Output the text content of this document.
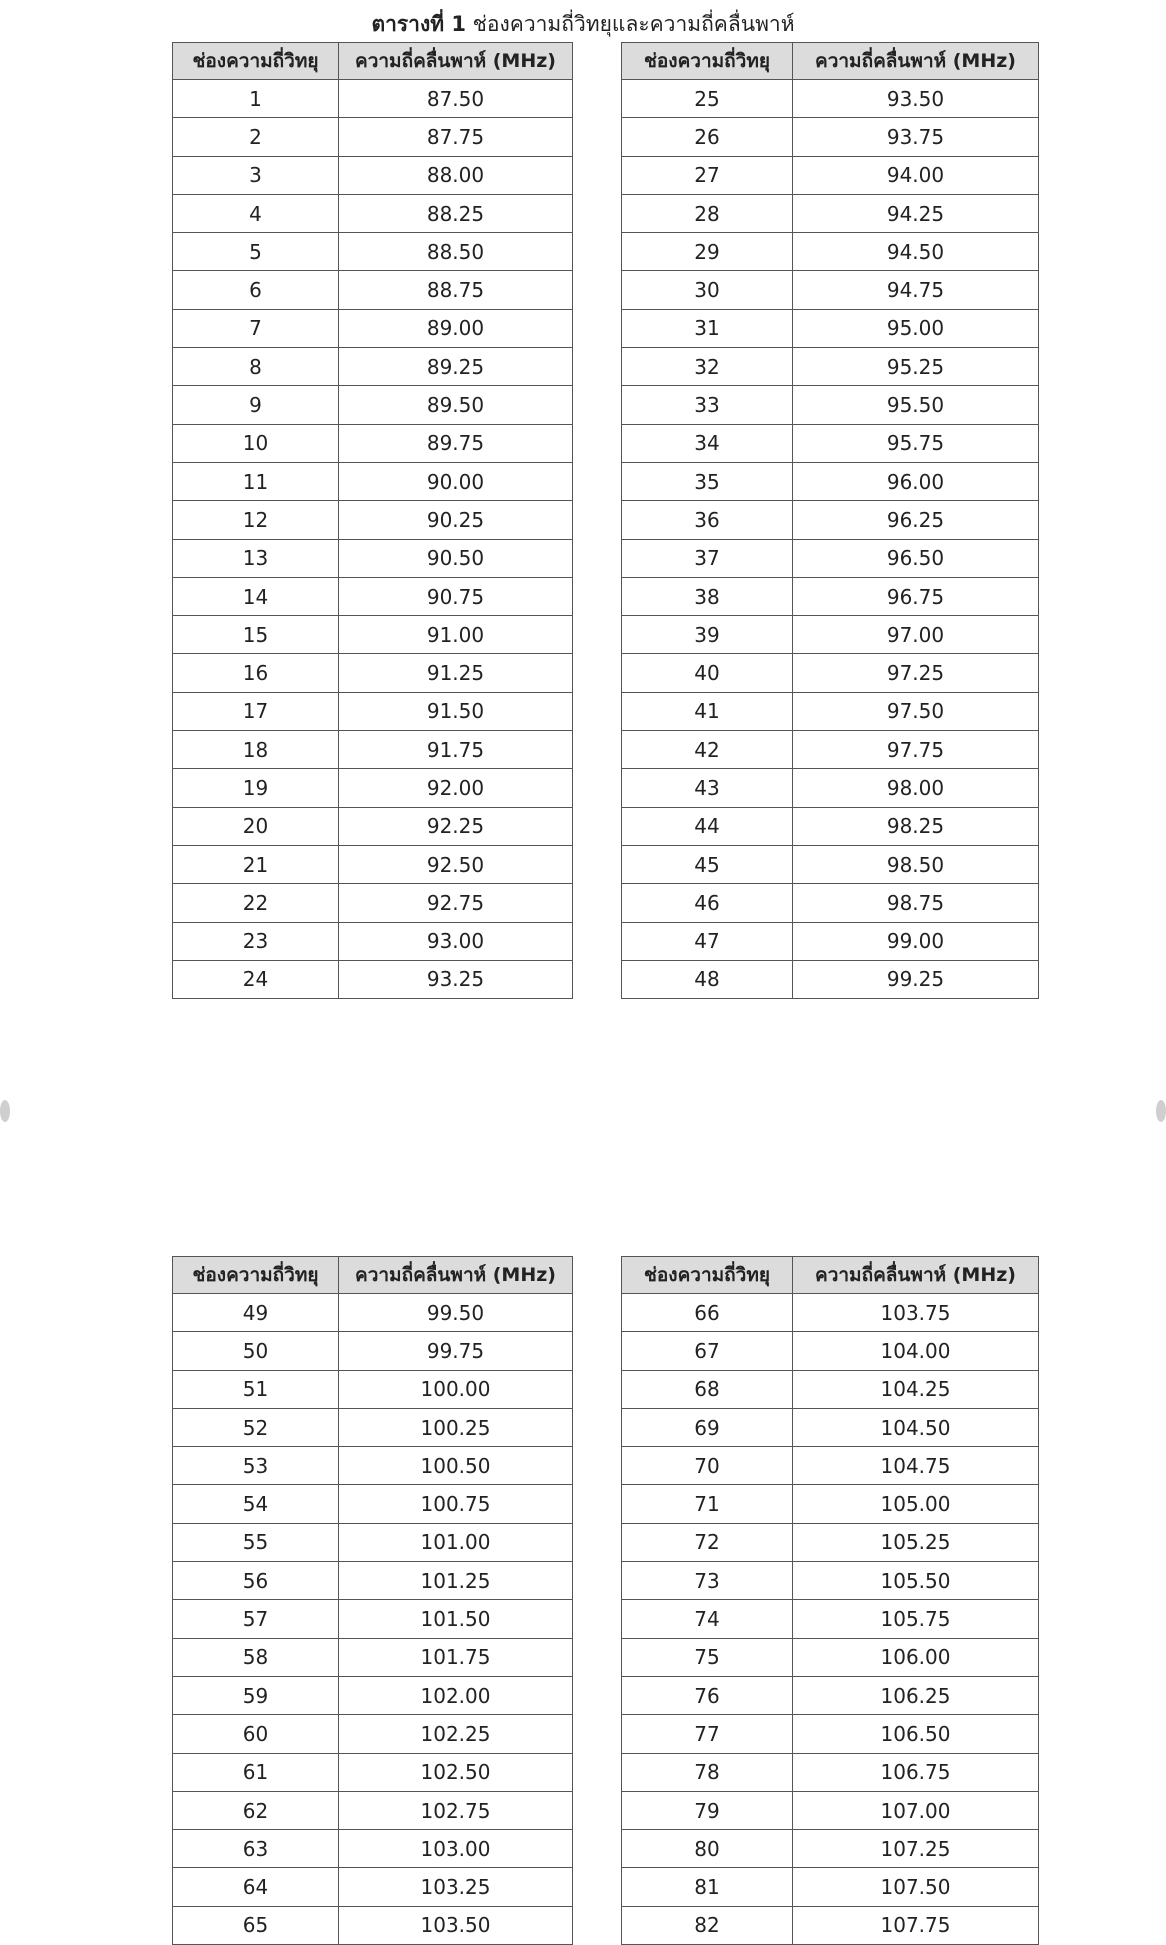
ตารางที่ 1 ช่องความถี่วิทยุและความถี่คลื่นพาห์
ช่องความถี่วิทยุ	ความถี่คลื่นพาห์ (MHz)
1	87.50
2	87.75
3	88.00
4	88.25
5	88.50
6	88.75
7	89.00
8	89.25
9	89.50
10	89.75
11	90.00
12	90.25
13	90.50
14	90.75
15	91.00
16	91.25
17	91.50
18	91.75
19	92.00
20	92.25
21	92.50
22	92.75
23	93.00
24	93.25
ช่องความถี่วิทยุ	ความถี่คลื่นพาห์ (MHz)
25	93.50
26	93.75
27	94.00
28	94.25
29	94.50
30	94.75
31	95.00
32	95.25
33	95.50
34	95.75
35	96.00
36	96.25
37	96.50
38	96.75
39	97.00
40	97.25
41	97.50
42	97.75
43	98.00
44	98.25
45	98.50
46	98.75
47	99.00
48	99.25
ช่องความถี่วิทยุ	ความถี่คลื่นพาห์ (MHz)
49	99.50
50	99.75
51	100.00
52	100.25
53	100.50
54	100.75
55	101.00
56	101.25
57	101.50
58	101.75
59	102.00
60	102.25
61	102.50
62	102.75
63	103.00
64	103.25
65	103.50
ช่องความถี่วิทยุ	ความถี่คลื่นพาห์ (MHz)
66	103.75
67	104.00
68	104.25
69	104.50
70	104.75
71	105.00
72	105.25
73	105.50
74	105.75
75	106.00
76	106.25
77	106.50
78	106.75
79	107.00
80	107.25
81	107.50
82	107.75
